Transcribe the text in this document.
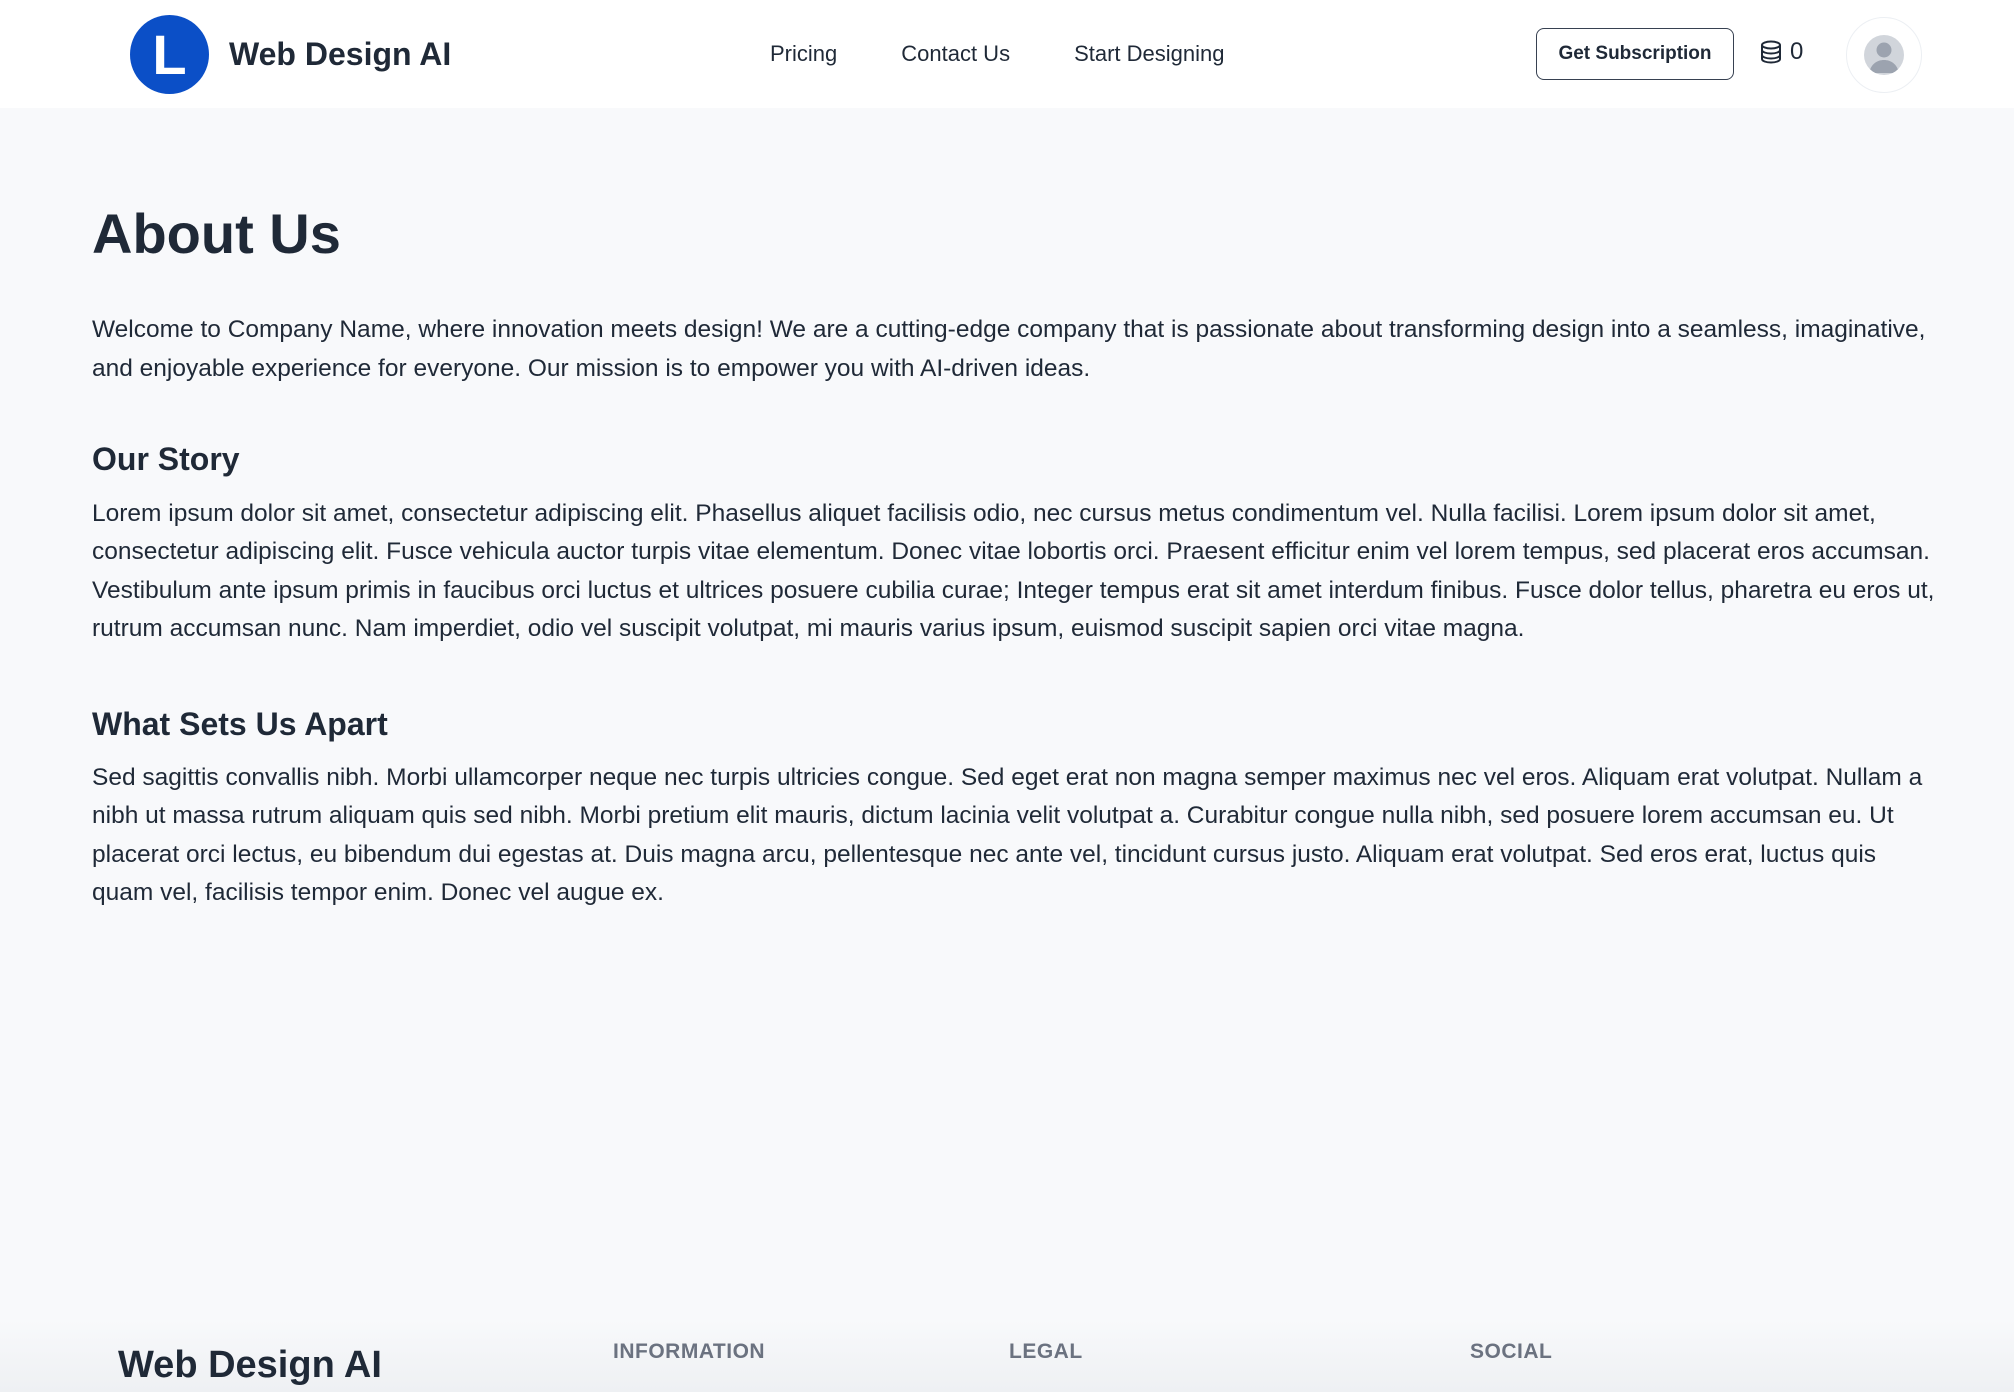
L Web Design AI	Pricing	Contact Us	Start Designing	Get Subscription	0
About Us

Welcome to Company Name, where innovation meets design! We are a cutting-edge company that is passionate about transforming design into a seamless, imaginative, and enjoyable experience for everyone. Our mission is to empower you with AI-driven ideas.

Our Story

Lorem ipsum dolor sit amet, consectetur adipiscing elit. Phasellus aliquet facilisis odio, nec cursus metus condimentum vel. Nulla facilisi. Lorem ipsum dolor sit amet, consectetur adipiscing elit. Fusce vehicula auctor turpis vitae elementum. Donec vitae lobortis orci. Praesent efficitur enim vel lorem tempus, sed placerat eros accumsan. Vestibulum ante ipsum primis in faucibus orci luctus et ultrices posuere cubilia curae; Integer tempus erat sit amet interdum finibus. Fusce dolor tellus, pharetra eu eros ut, rutrum accumsan nunc. Nam imperdiet, odio vel suscipit volutpat, mi mauris varius ipsum, euismod suscipit sapien orci vitae magna.

What Sets Us Apart

Sed sagittis convallis nibh. Morbi ullamcorper neque nec turpis ultricies congue. Sed eget erat non magna semper maximus nec vel eros. Aliquam erat volutpat. Nullam a nibh ut massa rutrum aliquam quis sed nibh. Morbi pretium elit mauris, dictum lacinia velit volutpat a. Curabitur congue nulla nibh, sed posuere lorem accumsan eu. Ut placerat orci lectus, eu bibendum dui egestas at. Duis magna arcu, pellentesque nec ante vel, tincidunt cursus justo. Aliquam erat volutpat. Sed eros erat, luctus quis quam vel, facilisis tempor enim. Donec vel augue ex.

Web Design AI	INFORMATION	LEGAL	SOCIAL
